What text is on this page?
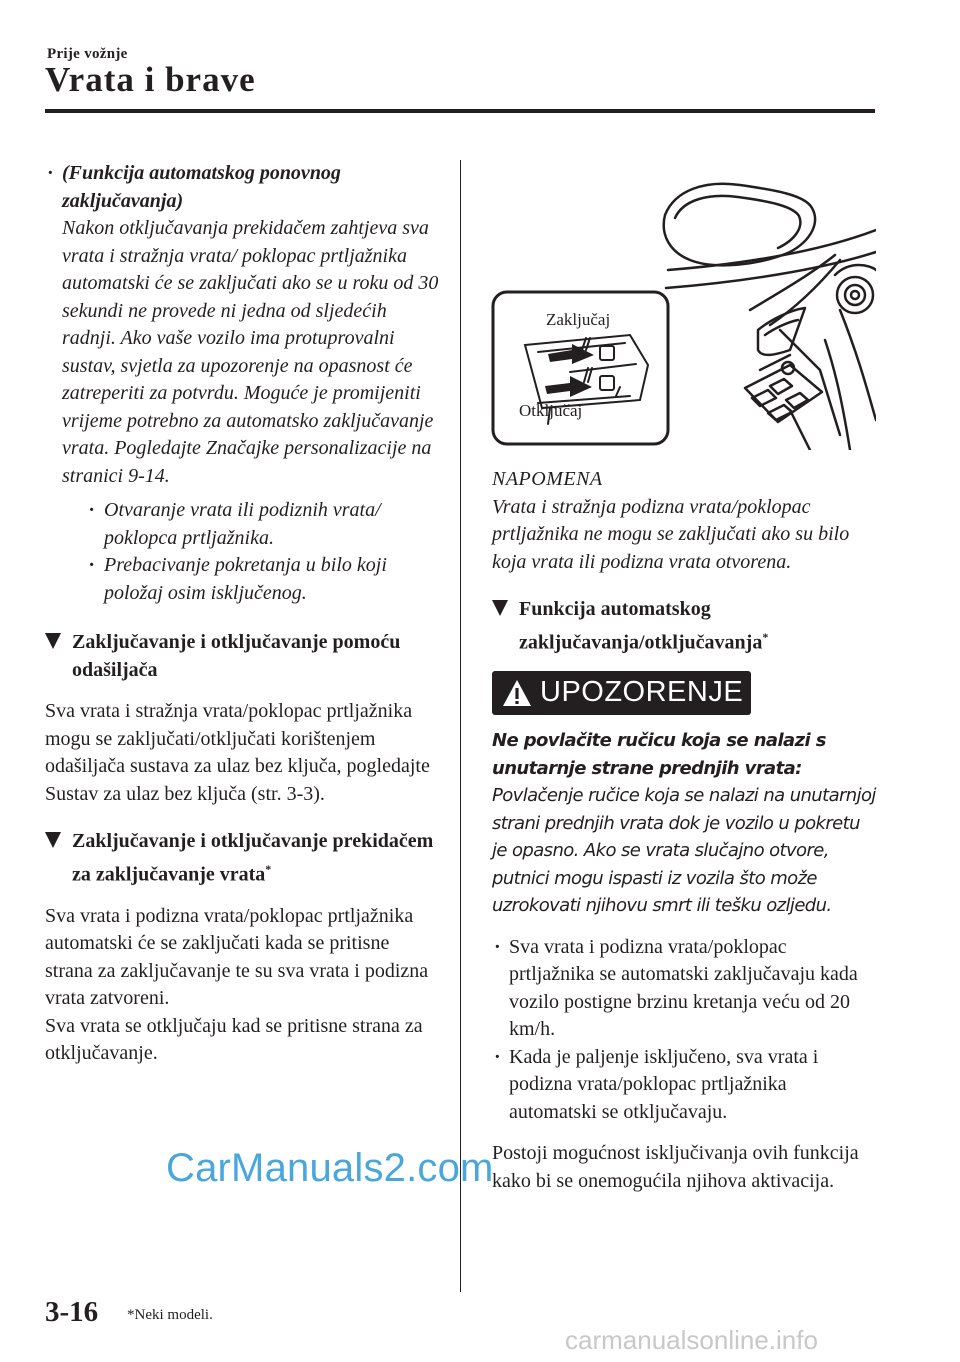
Prije vožnje
Vrata i brave

· (Funkcija automatskog ponovnog zaključavanja)

Nakon otključavanja prekidačem zahtjeva sva vrata i stražnja vrata/ poklopac prtljažnika automatski će se zaključati ako se u roku od 30 sekundi ne provede ni jedna od sljedećih radnji. Ako vaše vozilo ima protuprovalni sustav, svjetla za upozorenje na opasnost će zatreperiti za potvrdu. Moguće je promijeniti vrijeme potrebno za automatsko zaključavanje vrata. Pogledajte Značajke personalizacije na stranici 9-14.

· Otvaranje vrata ili podiznih vrata/ poklopca prtljažnika.
· Prebacivanje pokretanja u bilo koji položaj osim isključenog.
Zaključavanje i otključavanje pomoću odašiljača

Sva vrata i stražnja vrata/poklopac prtljažnika mogu se zaključati/otključati korištenjem odašiljača sustava za ulaz bez ključa, pogledajte Sustav za ulaz bez ključa (str. 3-3).

Zaključavanje i otključavanje prekidačem za zaključavanje vrata*

Sva vrata i podizna vrata/poklopac prtljažnika automatski će se zaključati kada se pritisne strana za zaključavanje te su sva vrata i podizna vrata zatvoreni.

Sva vrata se otključaju kad se pritisne strana za otključavanje.

Zaključaj
Otključaj

NAPOMENA

Vrata i stražnja podizna vrata/poklopac prtljažnika ne mogu se zaključati ako su bilo koja vrata ili podizna vrata otvorena.

Funkcija automatskog zaključavanja/otključavanja*
UPOZORENJE

Ne povlačite ručicu koja se nalazi s unutarnje strane prednjih vrata:

Povlačenje ručice koja se nalazi na unutarnjoj strani prednjih vrata dok je vozilo u pokretu je opasno. Ako se vrata slučajno otvore, putnici mogu ispasti iz vozila što može uzrokovati njihovu smrt ili tešku ozljedu.

· Sva vrata i podizna vrata/poklopac prtljažnika se automatski zaključavaju kada vozilo postigne brzinu kretanja veću od 20 km/h.
· Kada je paljenje isključeno, sva vrata i podizna vrata/poklopac prtljažnika automatski se otključavaju.

Postoji mogućnost isključivanja ovih funkcija kako bi se onemogućila njihova aktivacija.

3-16 *Neki modeli.
CarManuals2.com
carmanualsonline.info
